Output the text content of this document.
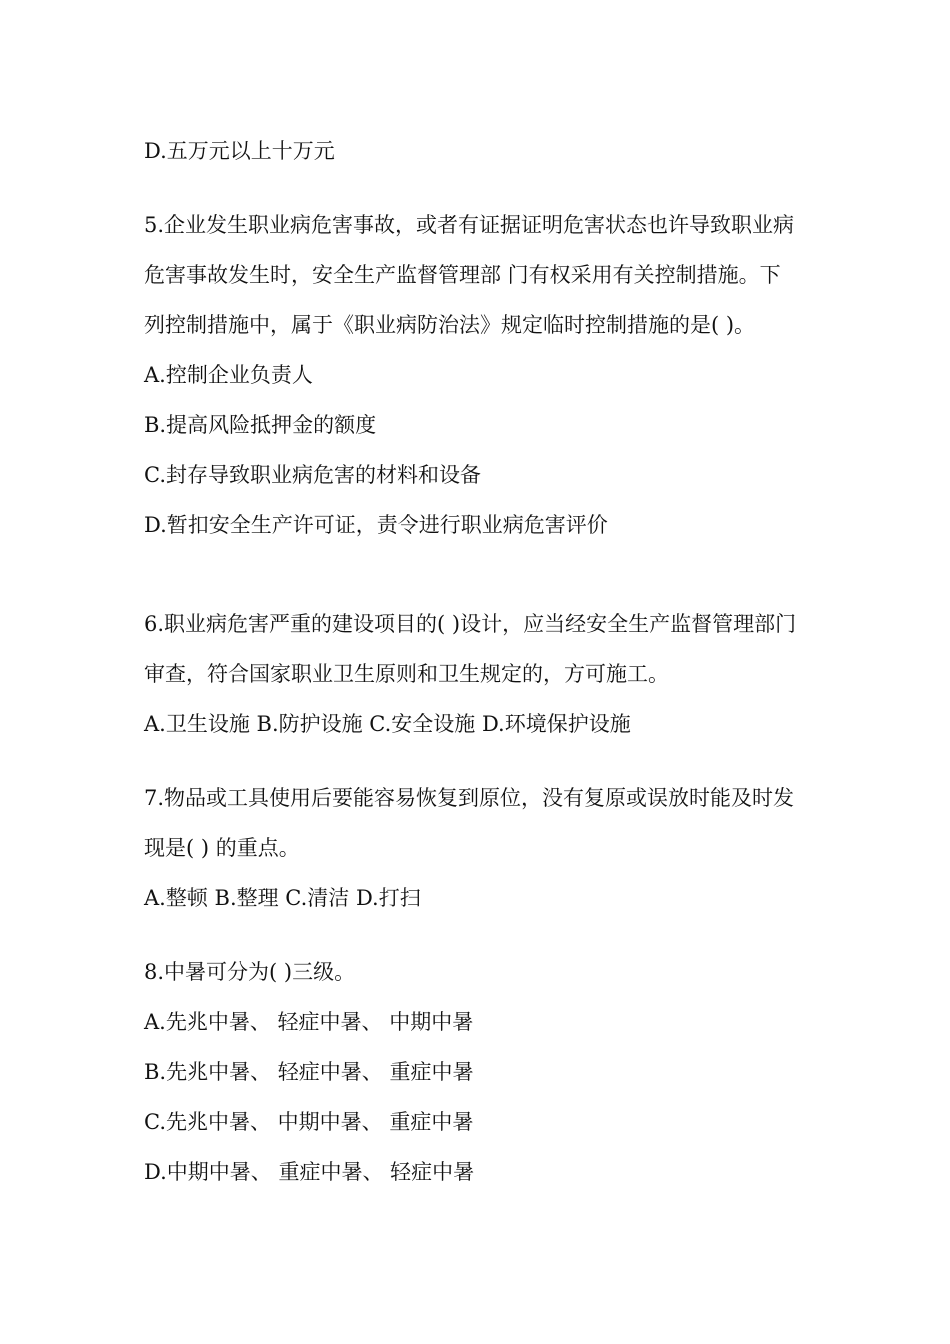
D.五万元以上十万元
5.企业发生职业病危害事故，或者有证据证明危害状态也许导致职业病
危害事故发生时，安全生产监督管理部 门有权采用有关控制措施。下
列控制措施中，属于《职业病防治法》规定临时控制措施的是( )。
A.控制企业负责人
B.提高风险抵押金的额度
C.封存导致职业病危害的材料和设备
D.暂扣安全生产许可证，责令进行职业病危害评价
6.职业病危害严重的建设项目的( )设计，应当经安全生产监督管理部门
审查，符合国家职业卫生原则和卫生规定的，方可施工。
A.卫生设施 B.防护设施 C.安全设施 D.环境保护设施
7.物品或工具使用后要能容易恢复到原位，没有复原或误放时能及时发
现是( ) 的重点。
A.整顿 B.整理 C.清洁 D.打扫
8.中暑可分为( )三级。
A.先兆中暑、 轻症中暑、 中期中暑
B.先兆中暑、 轻症中暑、 重症中暑
C.先兆中暑、 中期中暑、 重症中暑
D.中期中暑、 重症中暑、 轻症中暑
